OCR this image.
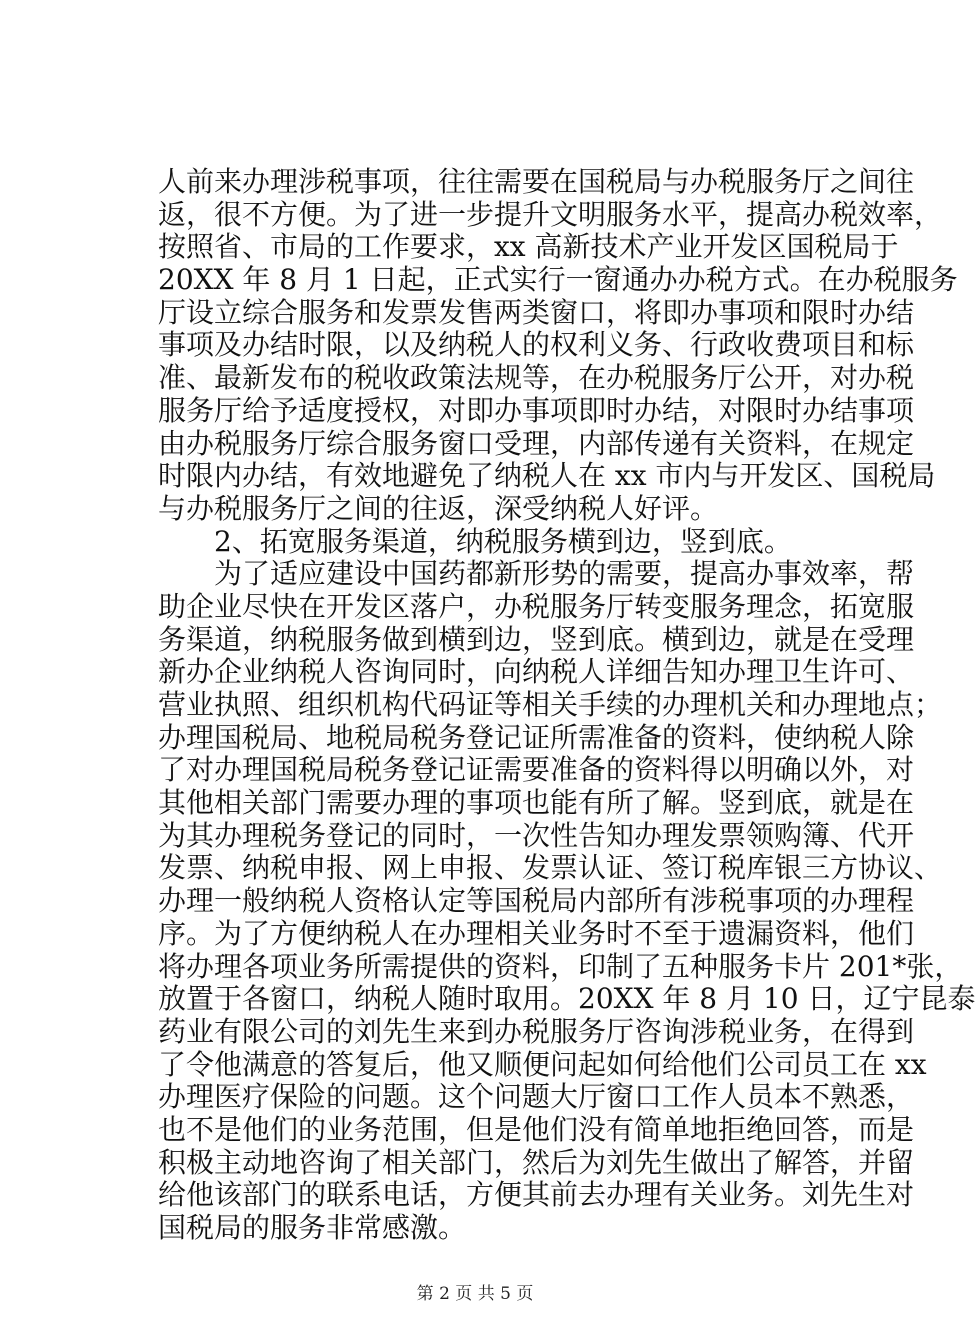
人前来办理涉税事项，往往需要在国税局与办税服务厅之间往
返，很不方便。为了进一步提升文明服务水平，提高办税效率，
按照省、市局的工作要求，xx 高新技术产业开发区国税局于
20XX 年 8 月 1 日起，正式实行一窗通办办税方式。在办税服务
厅设立综合服务和发票发售两类窗口，将即办事项和限时办结
事项及办结时限，以及纳税人的权利义务、行政收费项目和标
准、最新发布的税收政策法规等，在办税服务厅公开，对办税
服务厅给予适度授权，对即办事项即时办结，对限时办结事项
由办税服务厅综合服务窗口受理，内部传递有关资料，在规定
时限内办结，有效地避免了纳税人在 xx 市内与开发区、国税局
与办税服务厅之间的往返，深受纳税人好评。
　　2、拓宽服务渠道，纳税服务横到边，竖到底。
　　为了适应建设中国药都新形势的需要，提高办事效率，帮
助企业尽快在开发区落户，办税服务厅转变服务理念，拓宽服
务渠道，纳税服务做到横到边，竖到底。横到边，就是在受理
新办企业纳税人咨询同时，向纳税人详细告知办理卫生许可、
营业执照、组织机构代码证等相关手续的办理机关和办理地点；
办理国税局、地税局税务登记证所需准备的资料，使纳税人除
了对办理国税局税务登记证需要准备的资料得以明确以外，对
其他相关部门需要办理的事项也能有所了解。竖到底，就是在
为其办理税务登记的同时，一次性告知办理发票领购簿、代开
发票、纳税申报、网上申报、发票认证、签订税库银三方协议、
办理一般纳税人资格认定等国税局内部所有涉税事项的办理程
序。为了方便纳税人在办理相关业务时不至于遗漏资料，他们
将办理各项业务所需提供的资料，印制了五种服务卡片 201*张，
放置于各窗口，纳税人随时取用。20XX 年 8 月 10 日，辽宁昆泰
药业有限公司的刘先生来到办税服务厅咨询涉税业务，在得到
了令他满意的答复后，他又顺便问起如何给他们公司员工在 xx
办理医疗保险的问题。这个问题大厅窗口工作人员本不熟悉，
也不是他们的业务范围，但是他们没有简单地拒绝回答，而是
积极主动地咨询了相关部门，然后为刘先生做出了解答，并留
给他该部门的联系电话，方便其前去办理有关业务。刘先生对
国税局的服务非常感激。
第 2 页 共 5 页
